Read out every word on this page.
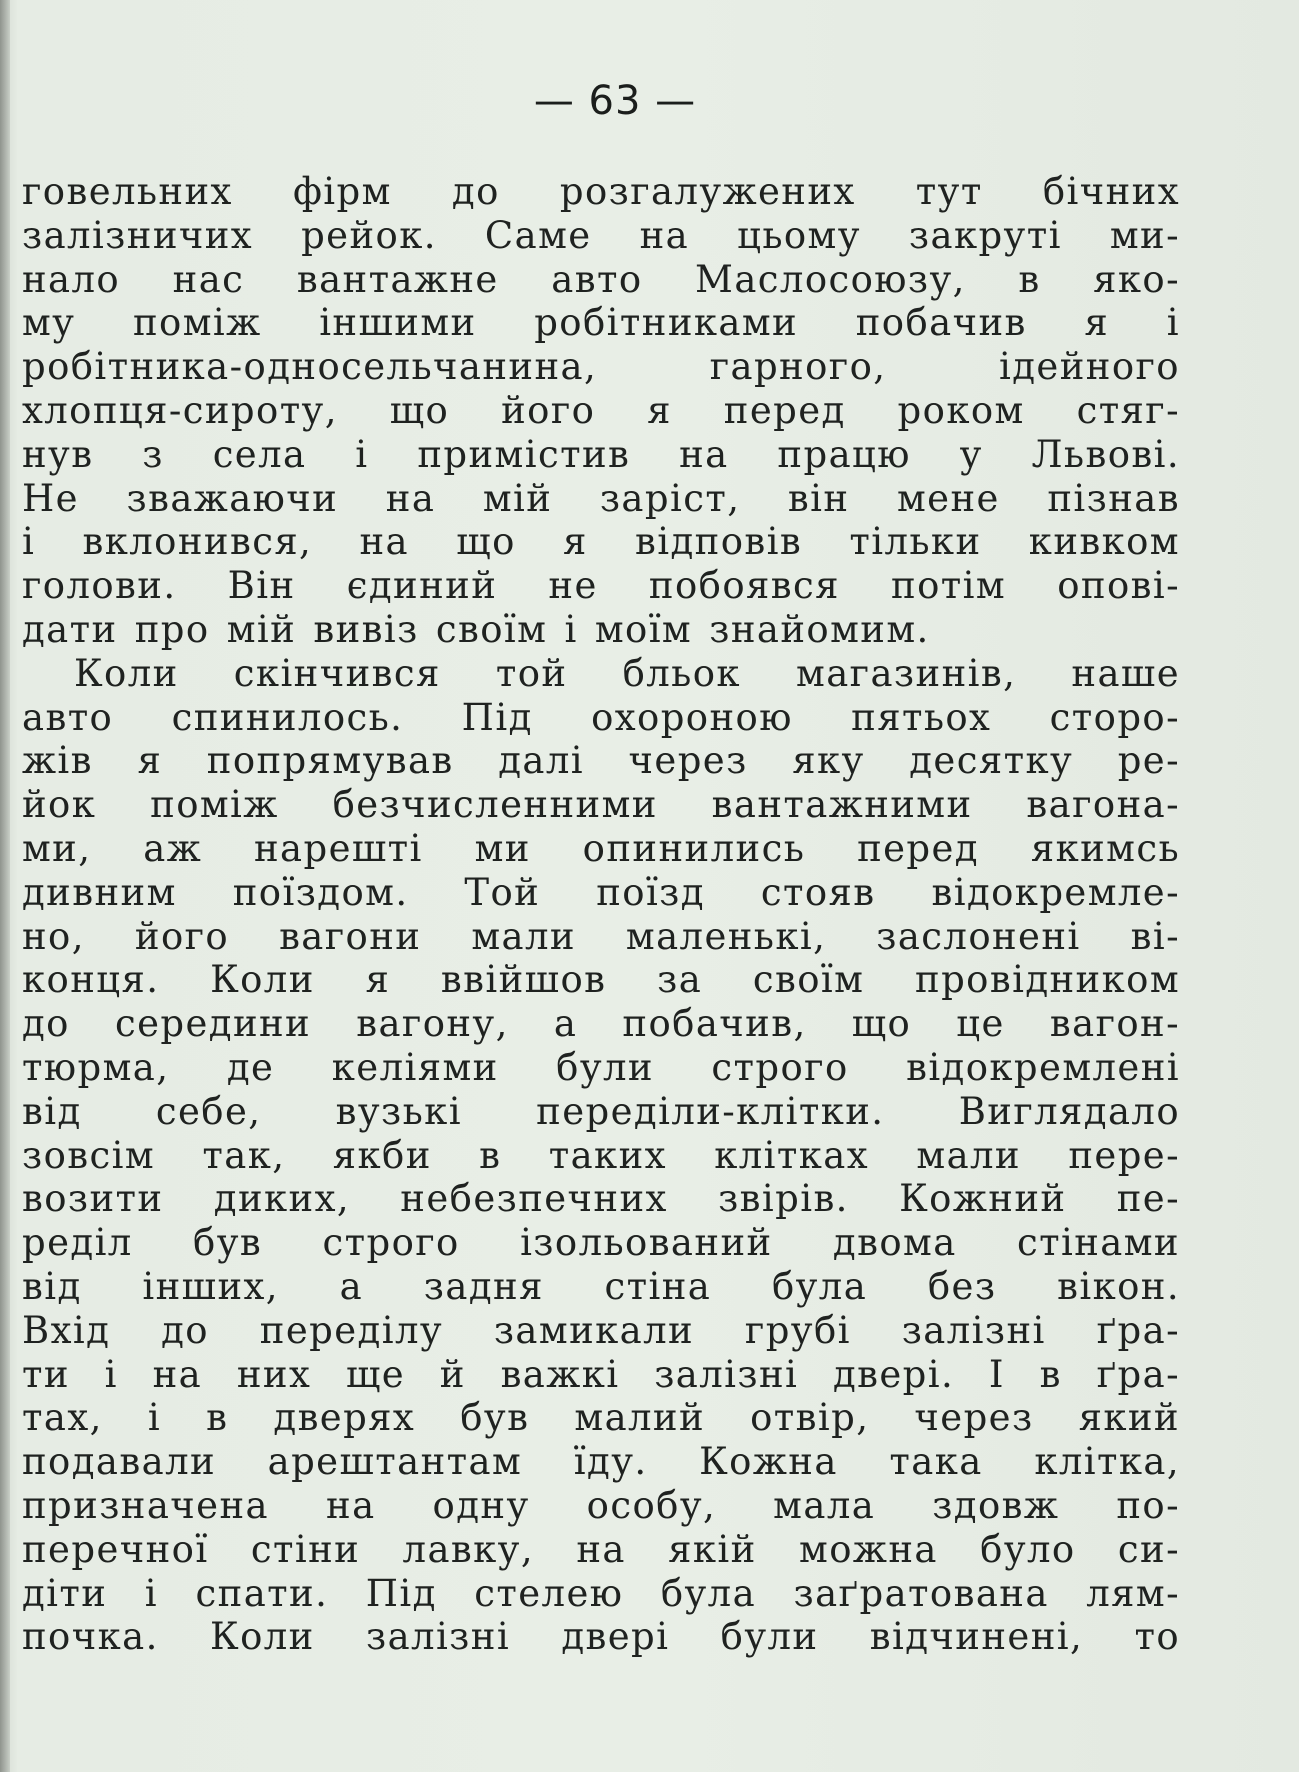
— 63 —
говельних фірм до розгалужених тут бічних
залізничих рейок. Саме на цьому закруті ми-
нало нас вантажне авто Маслосоюзу, в яко-
му поміж іншими робітниками побачив я і
робітника-односельчанина, гарного, ідейного
хлопця-сироту, що його я перед роком стяг-
нув з села і примістив на працю у Львові.
Не зважаючи на мій заріст, він мене пізнав
і вклонився, на що я відповів тільки кивком
голови. Він єдиний не побоявся потім опові-
дати про мій вивіз своїм і моїм знайомим.
Коли скінчився той бльок магазинів, наше
авто спинилось. Під охороною пятьох сторо-
жів я попрямував далі через яку десятку ре-
йок поміж безчисленними вантажними вагона-
ми, аж нарешті ми опинились перед якимсь
дивним поїздом. Той поїзд стояв відокремле-
но, його вагони мали маленькі, заслонені ві-
конця. Коли я ввійшов за своїм провідником
до середини вагону, а побачив, що це вагон-
тюрма, де келіями були строго відокремлені
від себе, вузькі переділи-клітки. Виглядало
зовсім так, якби в таких клітках мали пере-
возити диких, небезпечних звірів. Кожний пе-
реділ був строго ізольований двома стінами
від інших, а задня стіна була без вікон.
Вхід до переділу замикали грубі залізні ґра-
ти і на них ще й важкі залізні двері. І в ґра-
тах, і в дверях був малий отвір, через який
подавали арештантам їду. Кожна така клітка,
призначена на одну особу, мала здовж по-
перечної стіни лавку, на якій можна було си-
діти і спати. Під стелею була заґратована лям-
почка. Коли залізні двері були відчинені, то
